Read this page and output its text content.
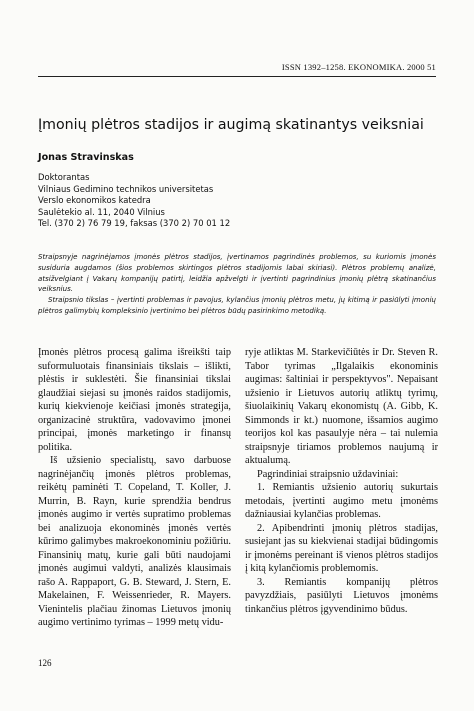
ISSN 1392–1258. EKONOMIKA. 2000 51
Įmonių plėtros stadijos ir augimą skatinantys veiksniai
Jonas Stravinskas
Doktorantas
Vilniaus Gedimino technikos universitetas
Verslo ekonomikos katedra
Saulėtekio al. 11, 2040 Vilnius
Tel. (370 2) 76 79 19, faksas (370 2) 70 01 12

Straipsnyje nagrinėjamos įmonės plėtros stadijos, įvertinamos pagrindinės problemos, su kuriomis įmonės susiduria augdamos (šios problemos skirtingos plėtros stadijomis labai skiriasi). Plėtros problemų analizė, atsižvelgiant į Vakarų kompanijų patirtį, leidžia apžvelgti ir įvertinti pagrindinius įmonių plėtrą skatinančius veiksnius.

Straipsnio tikslas – įvertinti problemas ir pavojus, kylančius įmonių plėtros metu, jų kitimą ir pasiūlyti įmonių plėtros galimybių kompleksinio įvertinimo bei plėtros būdų pasirinkimo metodiką.

Įmonės plėtros procesą galima išreikšti taip suformuluotais finansiniais tikslais – išlikti, plėstis ir suklestėti. Šie finansiniai tikslai glaudžiai siejasi su įmonės raidos stadijomis, kurių kiekvienoje keičiasi įmonės strategija, organizacinė struktūra, vadovavimo įmonei principai, įmonės marketingo ir finansų politika.

Iš užsienio specialistų, savo darbuose nagrinėjančių įmonės plėtros problemas, reikėtų paminėti T. Copeland, T. Koller, J. Murrin, B. Rayn, kurie sprendžia bendrus įmonės augimo ir vertės supratimo problemas bei analizuoja ekonominės įmonės vertės kūrimo galimybes makroekonominiu požiūriu. Finansinių matų, kurie gali būti naudojami įmonės augimui valdyti, analizės klausimais rašo A. Rappaport, G. B. Steward, J. Stern, E. Makelainen, F. Weissenrieder, R. Mayers. Vienintelis plačiau žinomas Lietuvos įmonių augimo vertinimo tyrimas – 1999 metų vidu-

ryje atliktas M. Starkevičiūtės ir Dr. Steven R. Tabor tyrimas „Ilgalaikis ekonominis augimas: šaltiniai ir perspektyvos". Nepaisant užsienio ir Lietuvos autorių atliktų tyrimų, šiuolaikinių Vakarų ekonomistų (A. Gibb, K. Simmonds ir kt.) nuomone, išsamios augimo teorijos kol kas pasaulyje nėra – tai nulemia straipsnyje tiriamos problemos naujumą ir aktualumą.

Pagrindiniai straipsnio uždaviniai:

1. Remiantis užsienio autorių sukurtais metodais, įvertinti augimo metu įmonėms dažniausiai kylančias problemas.

2. Apibendrinti įmonių plėtros stadijas, susiejant jas su kiekvienai stadijai būdingomis ir įmonėms pereinant iš vienos plėtros stadijos į kitą kylančiomis problemomis.

3. Remiantis kompanijų plėtros pavyzdžiais, pasiūlyti Lietuvos įmonėms tinkančius plėtros įgyvendinimo būdus.

126
